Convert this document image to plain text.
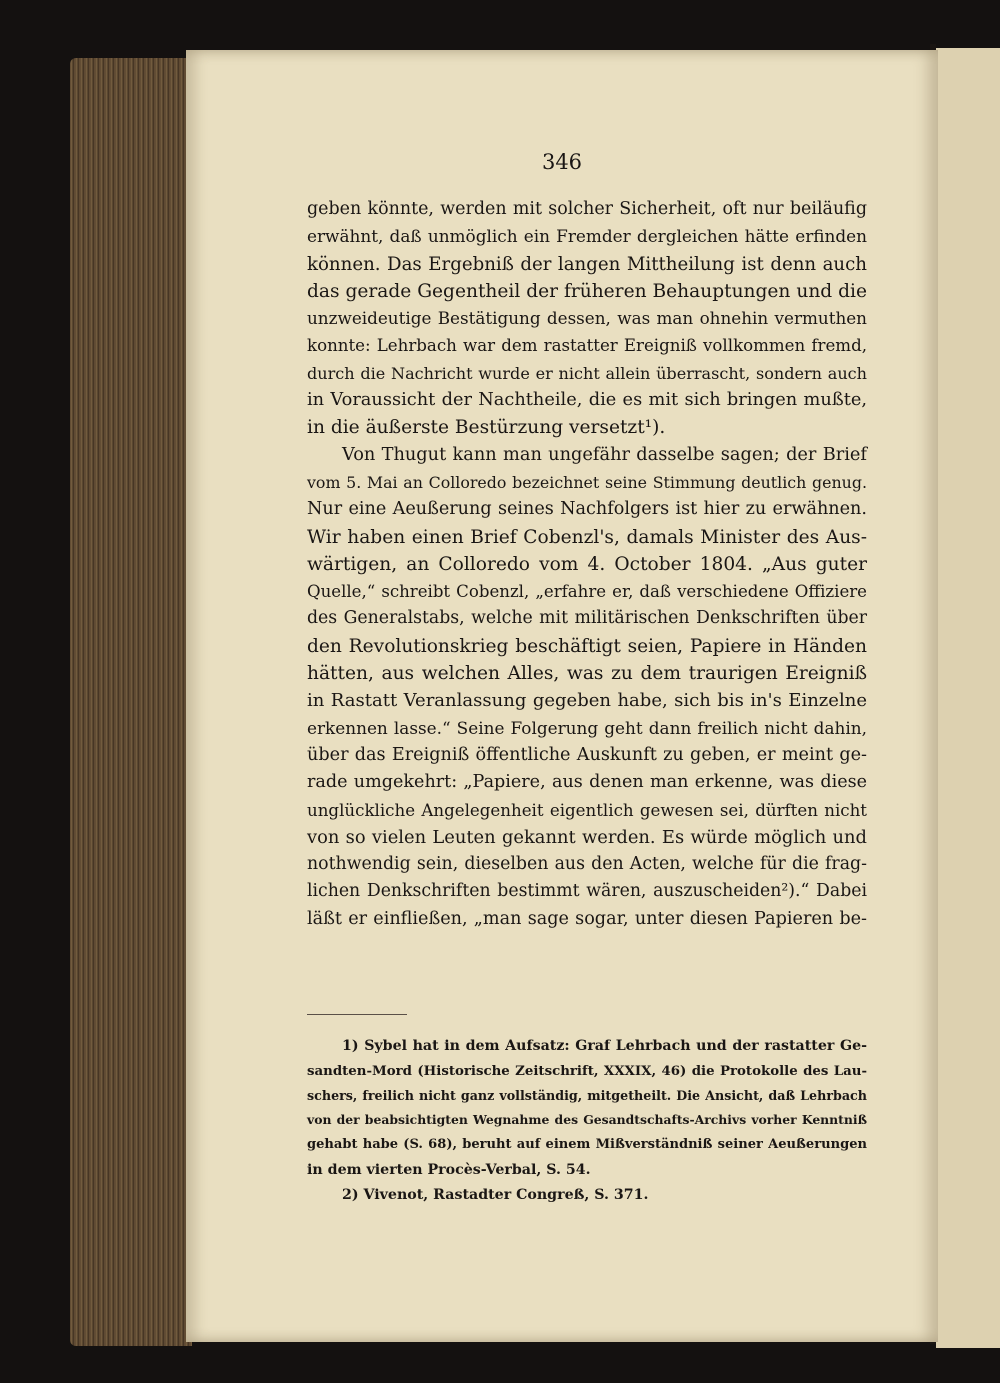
346
geben könnte, werden mit solcher Sicherheit, oft nur beiläufig
erwähnt, daß unmöglich ein Fremder dergleichen hätte erfinden
können. Das Ergebniß der langen Mittheilung ist denn auch
das gerade Gegentheil der früheren Behauptungen und die
unzweideutige Bestätigung dessen, was man ohnehin vermuthen
konnte: Lehrbach war dem rastatter Ereigniß vollkommen fremd,
durch die Nachricht wurde er nicht allein überrascht, sondern auch
in Voraussicht der Nachtheile, die es mit sich bringen mußte,
in die äußerste Bestürzung versetzt¹).
Von Thugut kann man ungefähr dasselbe sagen; der Brief
vom 5. Mai an Colloredo bezeichnet seine Stimmung deutlich genug.
Nur eine Aeußerung seines Nachfolgers ist hier zu erwähnen.
Wir haben einen Brief Cobenzl's, damals Minister des Aus-
wärtigen, an Colloredo vom 4. October 1804. „Aus guter
Quelle,“ schreibt Cobenzl, „erfahre er, daß verschiedene Offiziere
des Generalstabs, welche mit militärischen Denkschriften über
den Revolutionskrieg beschäftigt seien, Papiere in Händen
hätten, aus welchen Alles, was zu dem traurigen Ereigniß
in Rastatt Veranlassung gegeben habe, sich bis in's Einzelne
erkennen lasse.“ Seine Folgerung geht dann freilich nicht dahin,
über das Ereigniß öffentliche Auskunft zu geben, er meint ge-
rade umgekehrt: „Papiere, aus denen man erkenne, was diese
unglückliche Angelegenheit eigentlich gewesen sei, dürften nicht
von so vielen Leuten gekannt werden. Es würde möglich und
nothwendig sein, dieselben aus den Acten, welche für die frag-
lichen Denkschriften bestimmt wären, auszuscheiden²).“ Dabei
läßt er einfließen, „man sage sogar, unter diesen Papieren be-
1) Sybel hat in dem Aufsatz: Graf Lehrbach und der rastatter Ge-
sandten-Mord (Historische Zeitschrift, XXXIX, 46) die Protokolle des Lau-
schers, freilich nicht ganz vollständig, mitgetheilt. Die Ansicht, daß Lehrbach
von der beabsichtigten Wegnahme des Gesandtschafts-Archivs vorher Kenntniß
gehabt habe (S. 68), beruht auf einem Mißverständniß seiner Aeußerungen
in dem vierten Procès-Verbal, S. 54.
2) Vivenot, Rastadter Congreß, S. 371.
